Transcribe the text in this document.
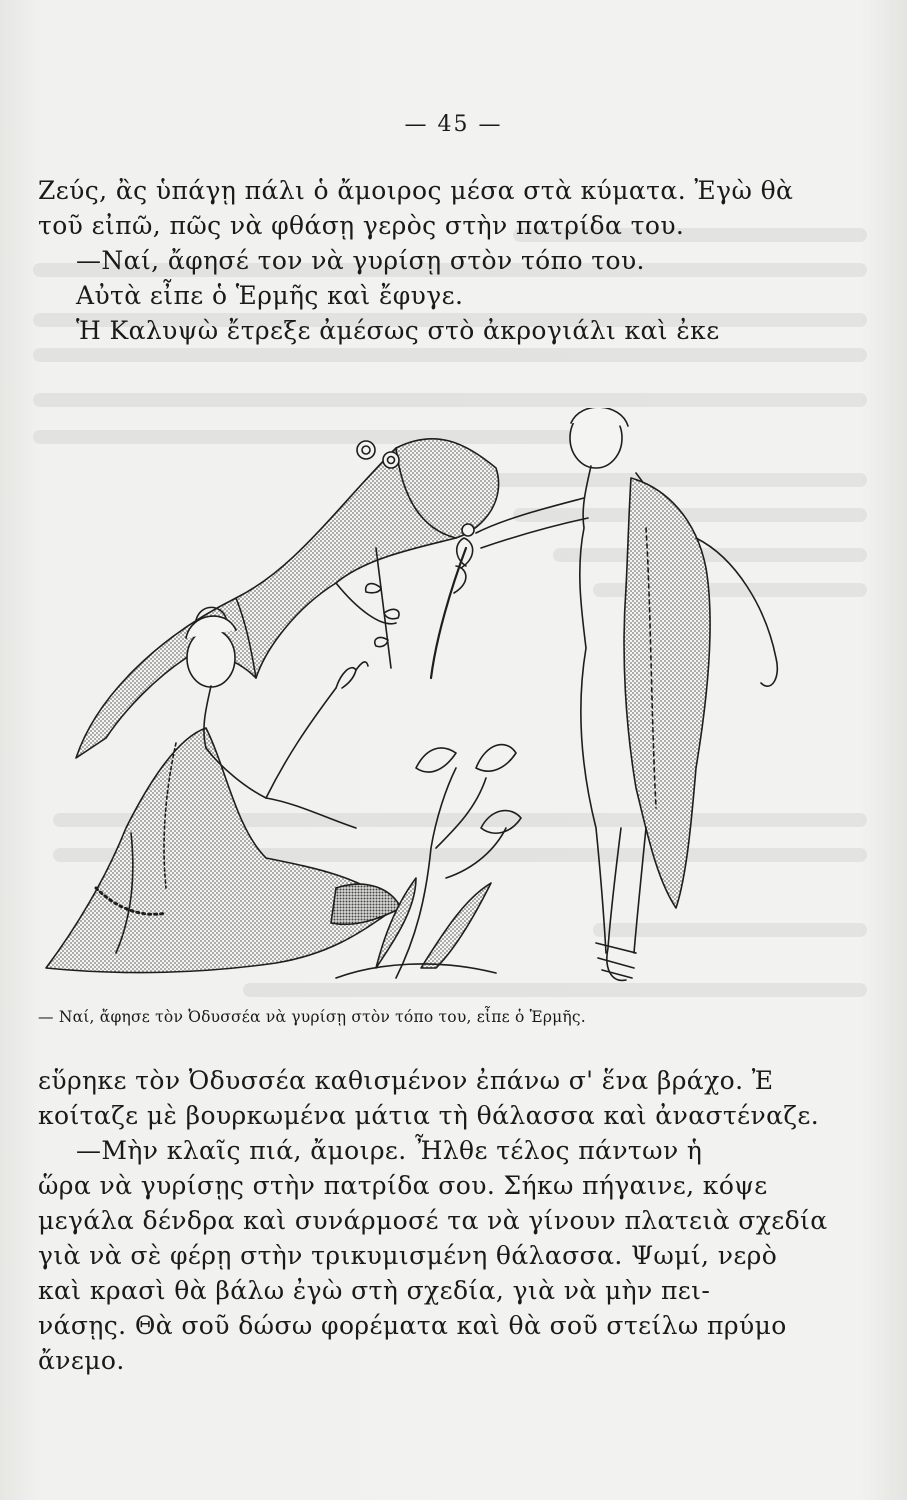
— 45 —
Ζεύς, ἂς ὑπάγῃ πάλι ὁ ἄμοιρος μέσα στὰ κύματα. Ἐγὼ θὰ
τοῦ εἰπῶ, πῶς νὰ φθάσῃ γερὸς στὴν πατρίδα του.
—Ναί, ἄφησέ τον νὰ γυρίσῃ στὸν τόπο του.
Αὐτὰ εἶπε ὁ Ἑρμῆς καὶ ἔφυγε.
Ἡ Καλυψὼ ἔτρεξε ἀμέσως στὸ ἀκρογιάλι καὶ ἐκε
— Ναί, ἄφησε τὸν Ὀδυσσέα νὰ γυρίσῃ στὸν τόπο του, εἶπε ὁ Ἑρμῆς.
εὕρηκε τὸν Ὀδυσσέα καθισμένον ἐπάνω σ' ἕνα βράχο. Ἐ
κοίταζε μὲ βουρκωμένα μάτια τὴ θάλασσα καὶ ἀναστέναζε.
—Μὴν κλαῖς πιά, ἄμοιρε. Ἦλθε τέλος πάντων ἡ
ὥρα νὰ γυρίσῃς στὴν πατρίδα σου. Σήκω πήγαινε, κόψε
μεγάλα δένδρα καὶ συνάρμοσέ τα νὰ γίνουν πλατειὰ σχεδία
γιὰ νὰ σὲ φέρῃ στὴν τρικυμισμένη θάλασσα. Ψωμί, νερὸ
καὶ κρασὶ θὰ βάλω ἐγὼ στὴ σχεδία, γιὰ νὰ μὴν πει-
νάσῃς. Θὰ σοῦ δώσω φορέματα καὶ θὰ σοῦ στείλω πρύμο
ἄνεμο.
